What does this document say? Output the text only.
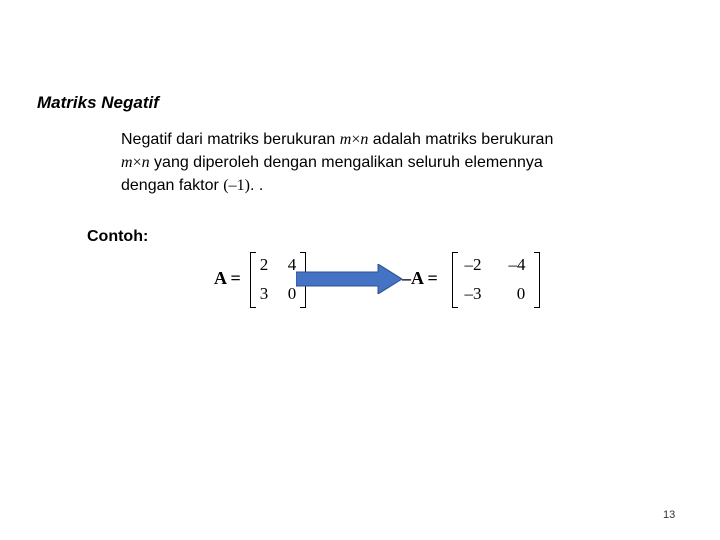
Matriks Negatif
Negatif dari matriks berukuran m×n adalah matriks berukuran
m×n yang diperoleh dengan mengalikan seluruh elemennya
dengan faktor (–1). .
Contoh:
A =
2	4
3	0
–A =
–2	–4
–3	0
13
